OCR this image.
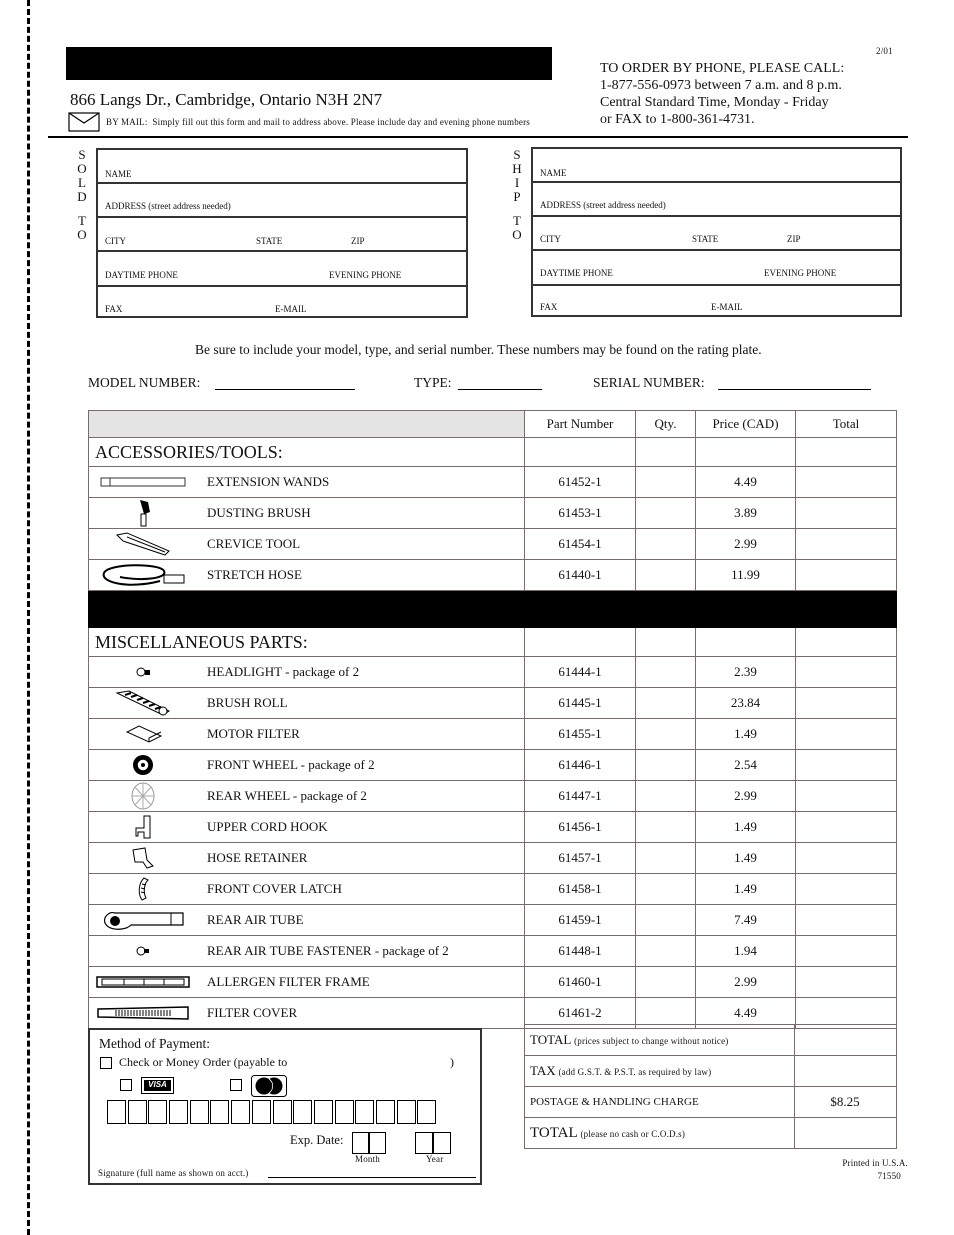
2/01
866 Langs Dr., Cambridge, Ontario N3H 2N7
BY MAIL: Simply fill out this form and mail to address above. Please include day and evening phone numbers
TO ORDER BY PHONE, PLEASE CALL:
1-877-556-0973 between 7 a.m. and 8 p.m.
Central Standard Time, Monday - Friday
or FAX to 1-800-361-4731.
S
O
L
D
T
O
NAME
ADDRESS (street address needed)
CITY	STATE	ZIP
DAYTIME PHONE	EVENING PHONE
FAX	E-MAIL
S
H
I
P
T
O
NAME
ADDRESS (street address needed)
CITY	STATE	ZIP
DAYTIME PHONE	EVENING PHONE
FAX	E-MAIL
Be sure to include your model, type, and serial number. These numbers may be found on the rating plate.
MODEL NUMBER:	TYPE:	SERIAL NUMBER:
	Part Number	Qty.	Price (CAD)	Total
ACCESSORIES/TOOLS:				

EXTENSION WANDS	61452-1		4.49	

DUSTING BRUSH	61453-1		3.89	

CREVICE TOOL	61454-1		2.99	

STRETCH HOSE	61440-1		11.99	

MISCELLANEOUS PARTS:				

HEADLIGHT - package of 2	61444-1		2.39	

BRUSH ROLL	61445-1		23.84	

MOTOR FILTER	61455-1		1.49	

FRONT WHEEL - package of 2	61446-1		2.54	

REAR WHEEL - package of 2	61447-1		2.99	

UPPER CORD HOOK	61456-1		1.49	

HOSE RETAINER	61457-1		1.49	

FRONT COVER LATCH	61458-1		1.49	

REAR AIR TUBE	61459-1		7.49	

REAR AIR TUBE FASTENER - package of 2	61448-1		1.94	

ALLERGEN FILTER FRAME	61460-1		2.99	

FILTER COVER	61461-2		4.49	
Method of Payment:
Check or Money Order (payable to	)
VISA
Exp. Date:
Month	Year
Signature (full name as shown on acct.)
TOTAL (prices subject to change without notice)	
TAX (add G.S.T. & P.S.T. as required by law)	
POSTAGE & HANDLING CHARGE	$8.25
TOTAL (please no cash or C.O.D.s)	
Printed in U.S.A.
71550
